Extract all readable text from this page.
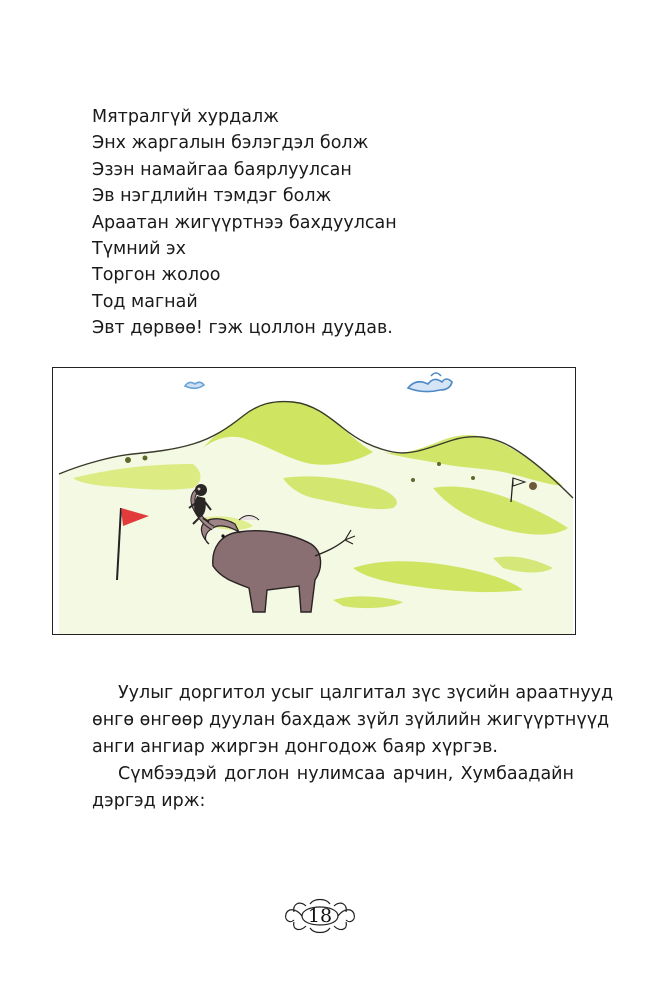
Мятралгүй хурдалж
Энх жаргалын бэлэгдэл болж
Эзэн намайгаа баярлуулсан
Эв нэгдлийн тэмдэг болж
Араатан жигүүртнээ бахдуулсан
Түмний эх
Торгон жолоо
Тод магнай
Эвт дөрвөө! гэж цоллон дуудав.

Уулыг доргитол усыг цалгитал зүс зүсийн араатнууд
өнгө өнгөөр дуулан бахдаж зүйл зүйлийн жигүүртнүүд
анги ангиар жиргэн донгодож баяр хүргэв.

Сүмбээдэй доглон нулимсаа арчин, Хумбаадайн
дэргэд ирж:

18
